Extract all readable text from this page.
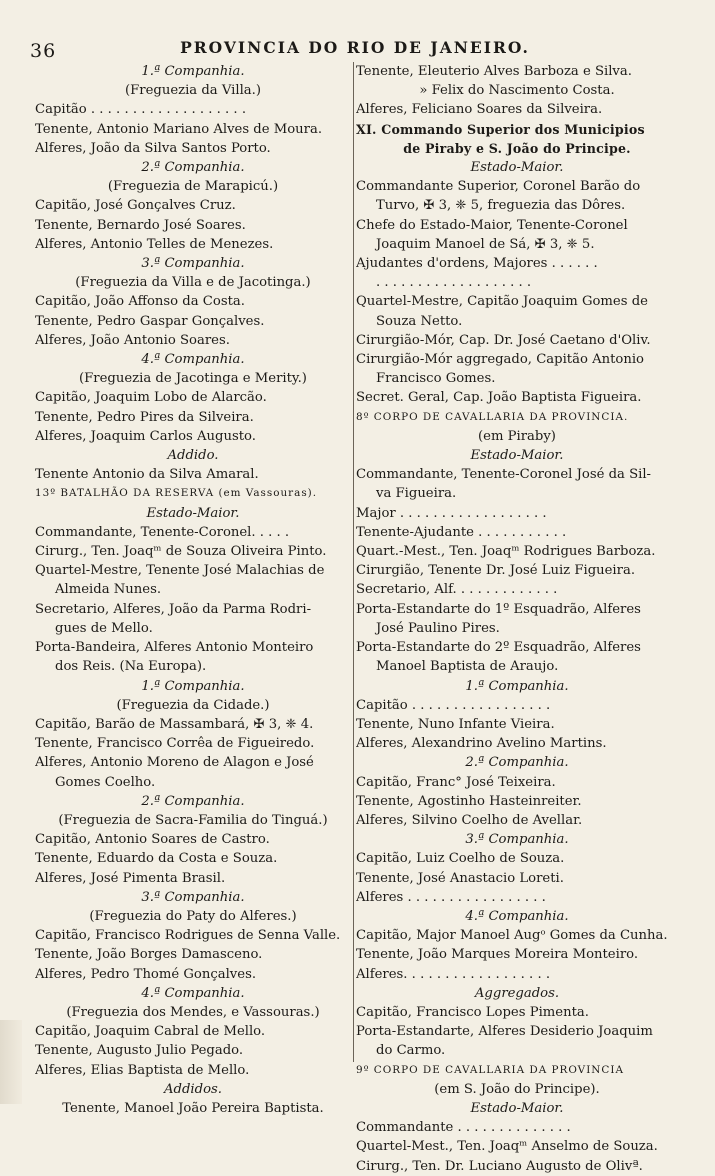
36	PROVINCIA DO RIO DE JANEIRO.
1.ª Companhia.
(Freguezia da Villa.)
Capitão . . . . . . . . . . . . . . . . . . .
Tenente, Antonio Mariano Alves de Moura.
Alferes, João da Silva Santos Porto.
2.ª Companhia.
(Freguezia de Marapicú.)
Capitão, José Gonçalves Cruz.
Tenente, Bernardo José Soares.
Alferes, Antonio Telles de Menezes.
3.ª Companhia.
(Freguezia da Villa e de Jacotinga.)
Capitão, João Affonso da Costa.
Tenente, Pedro Gaspar Gonçalves.
Alferes, João Antonio Soares.
4.ª Companhia.
(Freguezia de Jacotinga e Merity.)
Capitão, Joaquim Lobo de Alarcão.
Tenente, Pedro Pires da Silveira.
Alferes, Joaquim Carlos Augusto.
Addido.
Tenente Antonio da Silva Amaral.
13º BATALHÃO DA RESERVA (em Vassouras).
Estado-Maior.
Commandante, Tenente-Coronel. . . . .
Cirurg., Ten. Joaqᵐ de Souza Oliveira Pinto.
Quartel-Mestre, Tenente José Malachias de
Almeida Nunes.
Secretario, Alferes, João da Parma Rodri-
gues de Mello.
Porta-Bandeira, Alferes Antonio Monteiro
dos Reis. (Na Europa).
1.ª Companhia.
(Freguezia da Cidade.)
Capitão, Barão de Massambará, ✠ 3, ❈ 4.
Tenente, Francisco Corrêa de Figueiredo.
Alferes, Antonio Moreno de Alagon e José
Gomes Coelho.
2.ª Companhia.
(Freguezia de Sacra-Familia do Tinguá.)
Capitão, Antonio Soares de Castro.
Tenente, Eduardo da Costa e Souza.
Alferes, José Pimenta Brasil.
3.ª Companhia.
(Freguezia do Paty do Alferes.)
Capitão, Francisco Rodrigues de Senna Valle.
Tenente, João Borges Damasceno.
Alferes, Pedro Thomé Gonçalves.
4.ª Companhia.
(Freguezia dos Mendes, e Vassouras.)
Capitão, Joaquim Cabral de Mello.
Tenente, Augusto Julio Pegado.
Alferes, Elias Baptista de Mello.
Addidos.
Tenente, Manoel João Pereira Baptista.
Tenente, Eleuterio Alves Barboza e Silva.
» Felix do Nascimento Costa.
Alferes, Feliciano Soares da Silveira.
XI. Commando Superior dos Municipios
de Piraby e S. João do Principe.
Estado-Maior.
Commandante Superior, Coronel Barão do
Turvo, ✠ 3, ❈ 5, freguezia das Dôres.
Chefe do Estado-Maior, Tenente-Coronel
Joaquim Manoel de Sá, ✠ 3, ❈ 5.
Ajudantes d'ordens, Majores . . . . . .
. . . . . . . . . . . . . . . . . . .
Quartel-Mestre, Capitão Joaquim Gomes de
Souza Netto.
Cirurgião-Mór, Cap. Dr. José Caetano d'Oliv.
Cirurgião-Mór aggregado, Capitão Antonio
Francisco Gomes.
Secret. Geral, Cap. João Baptista Figueira.
8º CORPO DE CAVALLARIA DA PROVINCIA.
(em Piraby)
Estado-Maior.
Commandante, Tenente-Coronel José da Sil-
va Figueira.
Major . . . . . . . . . . . . . . . . . .
Tenente-Ajudante . . . . . . . . . . .
Quart.-Mest., Ten. Joaqᵐ Rodrigues Barboza.
Cirurgião, Tenente Dr. José Luiz Figueira.
Secretario, Alf. . . . . . . . . . . . .
Porta-Estandarte do 1º Esquadrão, Alferes
José Paulino Pires.
Porta-Estandarte do 2º Esquadrão, Alferes
Manoel Baptista de Araujo.
1.ª Companhia.
Capitão . . . . . . . . . . . . . . . . .
Tenente, Nuno Infante Vieira.
Alferes, Alexandrino Avelino Martins.
2.ª Companhia.
Capitão, Franc° José Teixeira.
Tenente, Agostinho Hasteinreiter.
Alferes, Silvino Coelho de Avellar.
3.ª Companhia.
Capitão, Luiz Coelho de Souza.
Tenente, José Anastacio Loreti.
Alferes . . . . . . . . . . . . . . . . .
4.ª Companhia.
Capitão, Major Manoel Augᵒ Gomes da Cunha.
Tenente, João Marques Moreira Monteiro.
Alferes. . . . . . . . . . . . . . . . . .
Aggregados.
Capitão, Francisco Lopes Pimenta.
Porta-Estandarte, Alferes Desiderio Joaquim
do Carmo.
9º CORPO DE CAVALLARIA DA PROVINCIA
(em S. João do Principe).
Estado-Maior.
Commandante . . . . . . . . . . . . . .
Quartel-Mest., Ten. Joaqᵐ Anselmo de Souza.
Cirurg., Ten. Dr. Luciano Augusto de Olivª.
